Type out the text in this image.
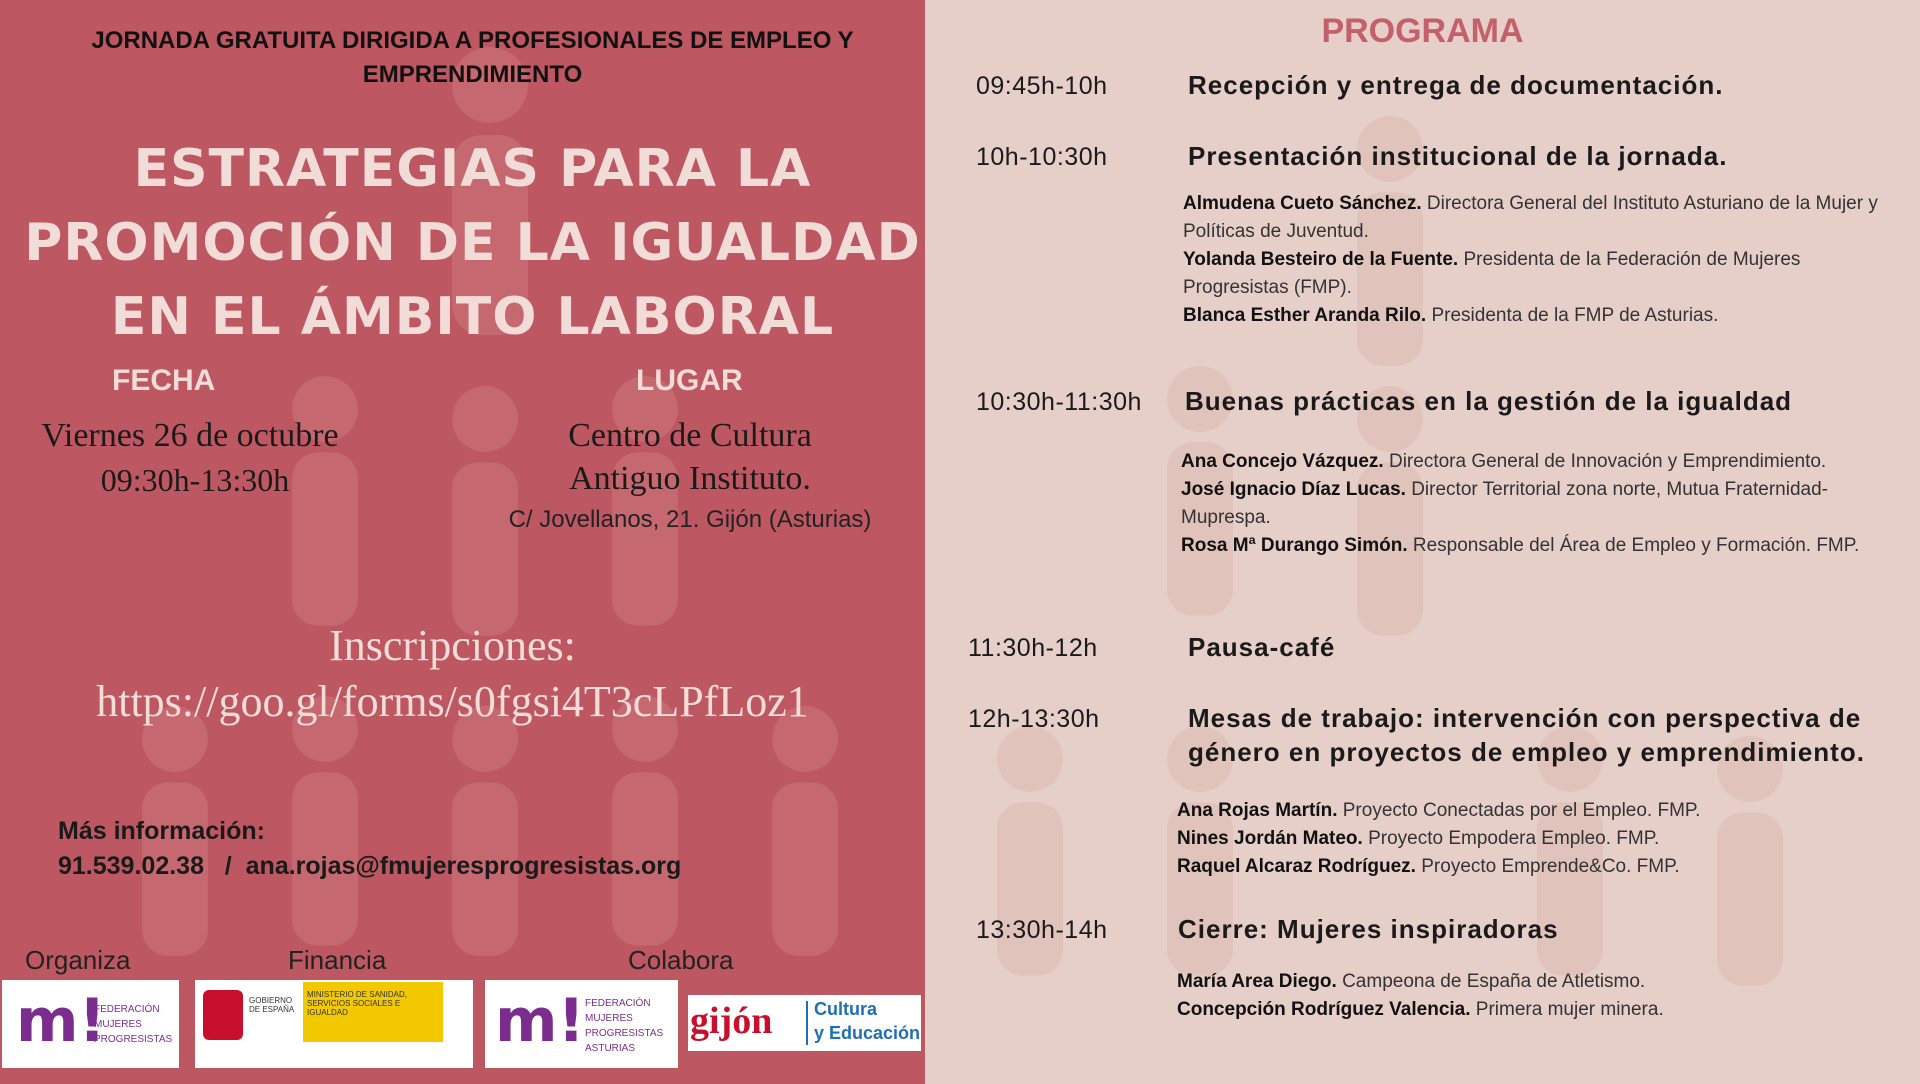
JORNADA GRATUITA DIRIGIDA A PROFESIONALES DE EMPLEO Y EMPRENDIMIENTO
ESTRATEGIAS PARA LA PROMOCIÓN DE LA IGUALDAD EN EL ÁMBITO LABORAL
FECHA
Viernes 26 de octubre
09:30h-13:30h
LUGAR
Centro de Cultura
Antiguo Instituto.
C/ Jovellanos, 21. Gijón (Asturias)
Inscripciones:
https://goo.gl/forms/s0fgsi4T3cLPfLoz1
Más información:
91.539.02.38   /  ana.rojas@fmujeresprogresistas.org
Organiza	Financia	Colabora
m!
FEDERACIÓN MUJERES PROGRESISTAS
GOBIERNO DE ESPAÑA
MINISTERIO DE SANIDAD, SERVICIOS SOCIALES E IGUALDAD	m! FEDERACIÓN MUJERES PROGRESISTAS ASTURIAS
gijón Cultura
y Educación
PROGRAMA
09:45h-10h	Recepción y entrega de documentación.
10h-10:30h	Presentación institucional de la jornada.
Almudena Cueto Sánchez. Directora General del Instituto Asturiano de la Mujer y Políticas de Juventud.
Yolanda Besteiro de la Fuente. Presidenta de la Federación de Mujeres Progresistas (FMP).
Blanca Esther Aranda Rilo. Presidenta de la FMP de Asturias.
10:30h-11:30h Buenas prácticas en la gestión de la igualdad
Ana Concejo Vázquez. Directora General de Innovación y Emprendimiento.
José Ignacio Díaz Lucas. Director Territorial zona norte, Mutua Fraternidad-Muprespa.
Rosa Mª Durango Simón. Responsable del Área de Empleo y Formación. FMP.
11:30h-12h	Pausa-café
12h-13:30h	Mesas de trabajo: intervención con perspectiva de género en proyectos de empleo y emprendimiento.
Ana Rojas Martín. Proyecto Conectadas por el Empleo. FMP.
Nines Jordán Mateo. Proyecto Empodera Empleo. FMP.
Raquel Alcaraz Rodríguez. Proyecto Emprende&Co. FMP.
13:30h-14h	Cierre: Mujeres inspiradoras
María Area Diego. Campeona de España de Atletismo.
Concepción Rodríguez Valencia. Primera mujer minera.
